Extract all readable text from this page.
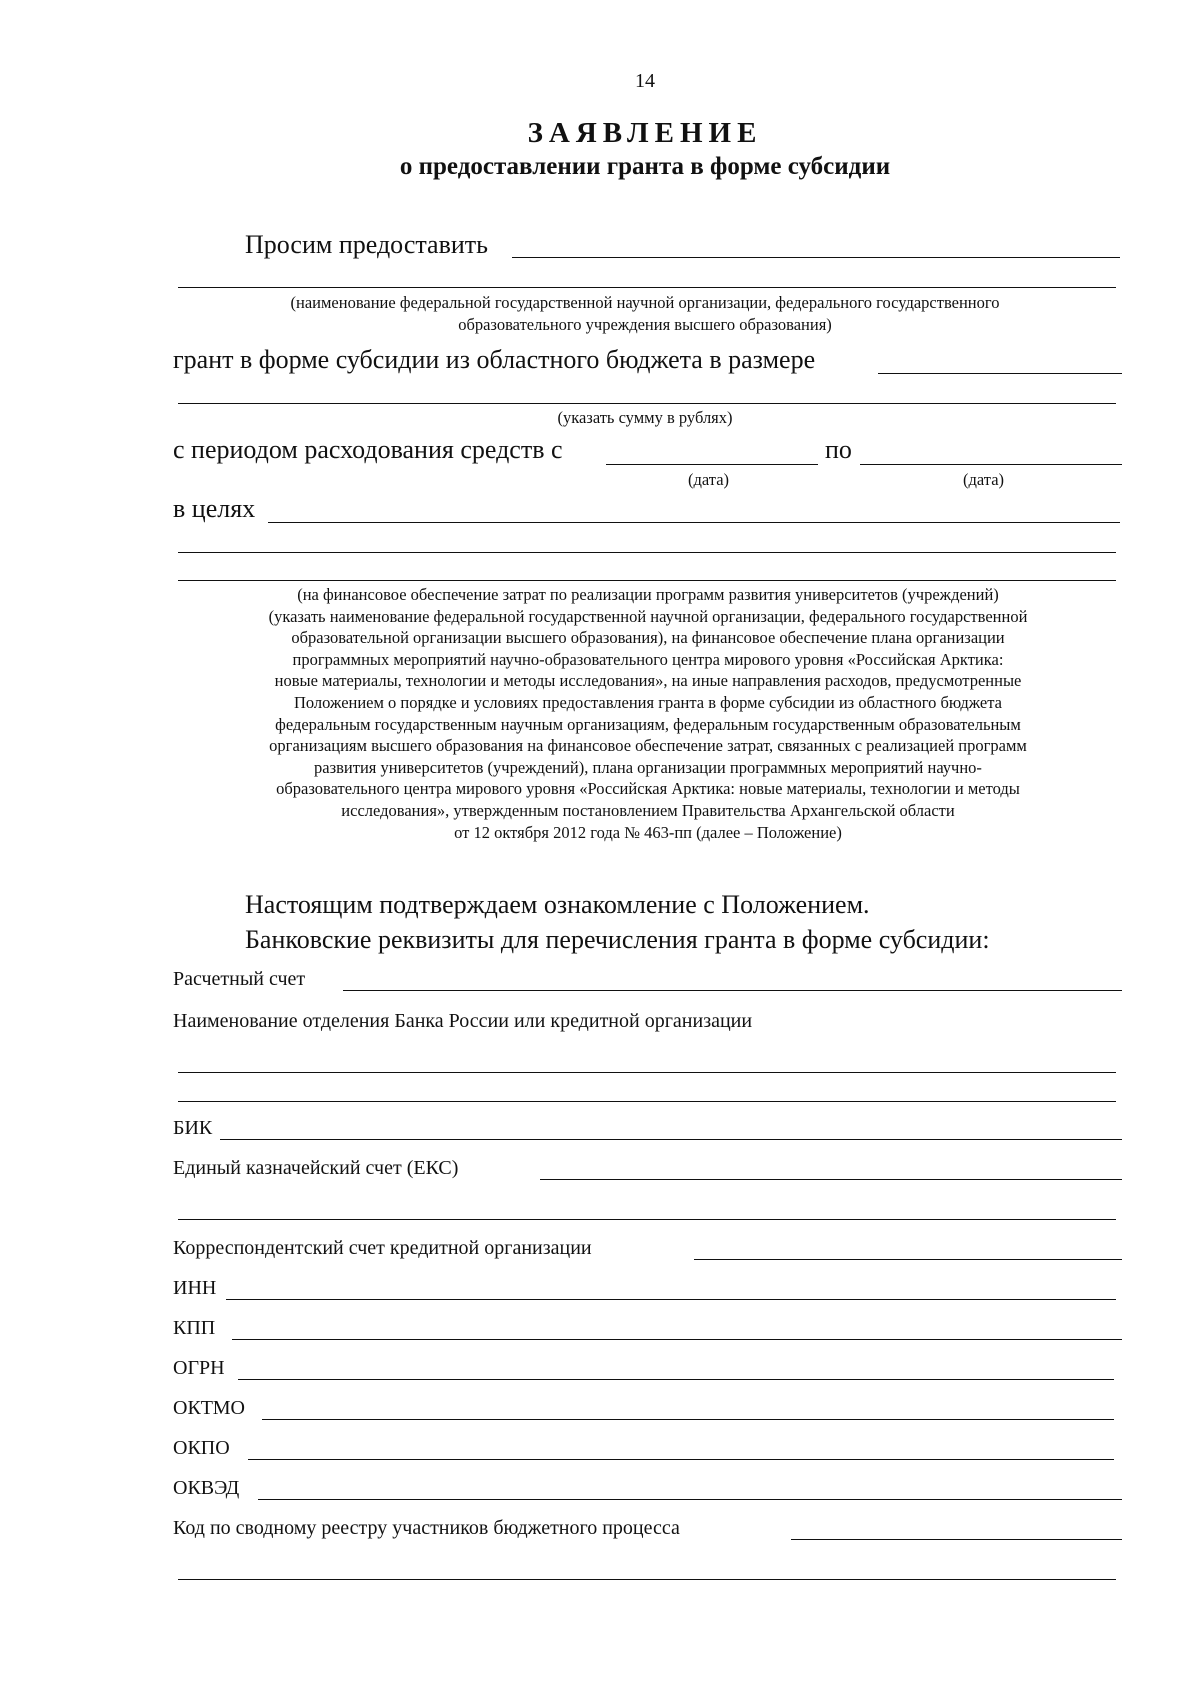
14
ЗАЯВЛЕНИЕ
о предоставлении гранта в форме субсидии
Просим предоставить
(наименование федеральной государственной научной организации, федерального государственного
образовательного учреждения высшего образования)
грант в форме субсидии из областного бюджета в размере
(указать сумму в рублях)
с периодом расходования средств с	по
(дата)	(дата)
в целях
(на финансовое обеспечение затрат по реализации программ развития университетов (учреждений)
(указать наименование федеральной государственной научной организации, федерального государственной
образовательной организации высшего образования), на финансовое обеспечение плана организации
программных мероприятий научно-образовательного центра мирового уровня «Российская Арктика:
новые материалы, технологии и методы исследования», на иные направления расходов, предусмотренные
Положением о порядке и условиях предоставления гранта в форме субсидии из областного бюджета
федеральным государственным научным организациям, федеральным государственным образовательным
организациям высшего образования на финансовое обеспечение затрат, связанных с реализацией программ
развития университетов (учреждений), плана организации программных мероприятий научно-
образовательного центра мирового уровня «Российская Арктика: новые материалы, технологии и методы
исследования», утвержденным постановлением Правительства Архангельской области
от 12 октября 2012 года № 463-пп (далее – Положение)
Настоящим подтверждаем ознакомление с Положением.
Банковские реквизиты для перечисления гранта в форме субсидии:
Расчетный счет
Наименование отделения Банка России или кредитной организации
БИК
Единый казначейский счет (ЕКС)
Корреспондентский счет кредитной организации
ИНН
КПП
ОГРН
ОКТМО
ОКПО
ОКВЭД
Код по сводному реестру участников бюджетного процесса
